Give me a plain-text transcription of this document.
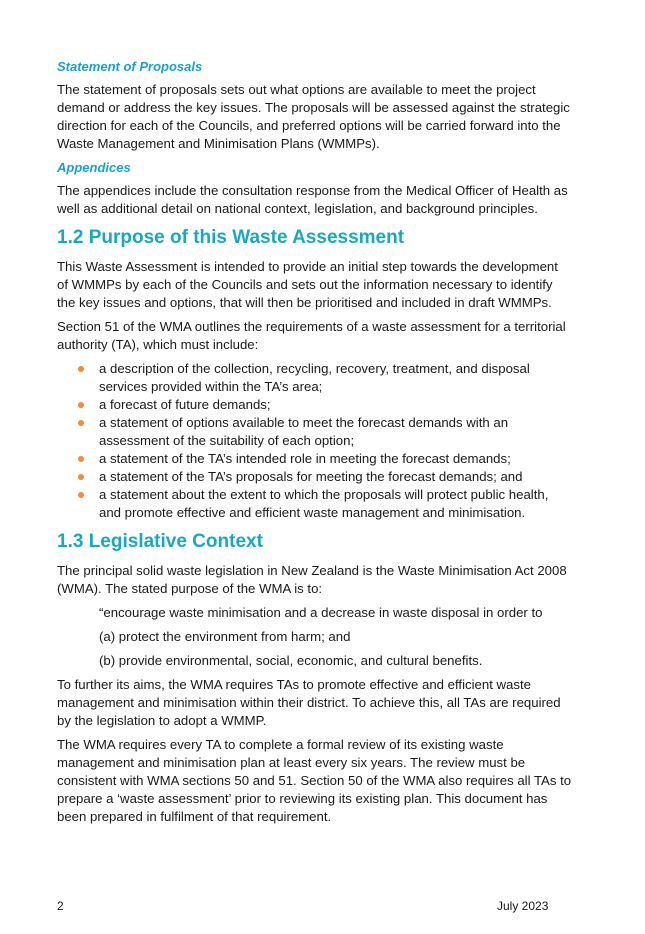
Statement of Proposals

The statement of proposals sets out what options are available to meet the project demand or address the key issues. The proposals will be assessed against the strategic direction for each of the Councils, and preferred options will be carried forward into the Waste Management and Minimisation Plans (WMMPs).

Appendices

The appendices include the consultation response from the Medical Officer of Health as well as additional detail on national context, legislation, and background principles.

1.2 Purpose of this Waste Assessment

This Waste Assessment is intended to provide an initial step towards the development of WMMPs by each of the Councils and sets out the information necessary to identify the key issues and options, that will then be prioritised and included in draft WMMPs.

Section 51 of the WMA outlines the requirements of a waste assessment for a territorial authority (TA), which must include:

a description of the collection, recycling, recovery, treatment, and disposal services provided within the TA’s area;
a forecast of future demands;
a statement of options available to meet the forecast demands with an assessment of the suitability of each option;
a statement of the TA’s intended role in meeting the forecast demands;
a statement of the TA’s proposals for meeting the forecast demands; and
a statement about the extent to which the proposals will protect public health, and promote effective and efficient waste management and minimisation.
1.3 Legislative Context

The principal solid waste legislation in New Zealand is the Waste Minimisation Act 2008 (WMA). The stated purpose of the WMA is to:

“encourage waste minimisation and a decrease in waste disposal in order to

(a) protect the environment from harm; and

(b) provide environmental, social, economic, and cultural benefits.

To further its aims, the WMA requires TAs to promote effective and efficient waste management and minimisation within their district. To achieve this, all TAs are required by the legislation to adopt a WMMP.

The WMA requires every TA to complete a formal review of its existing waste management and minimisation plan at least every six years. The review must be consistent with WMA sections 50 and 51. Section 50 of the WMA also requires all TAs to prepare a ‘waste assessment’ prior to reviewing its existing plan. This document has been prepared in fulfilment of that requirement.

2	July 2023
